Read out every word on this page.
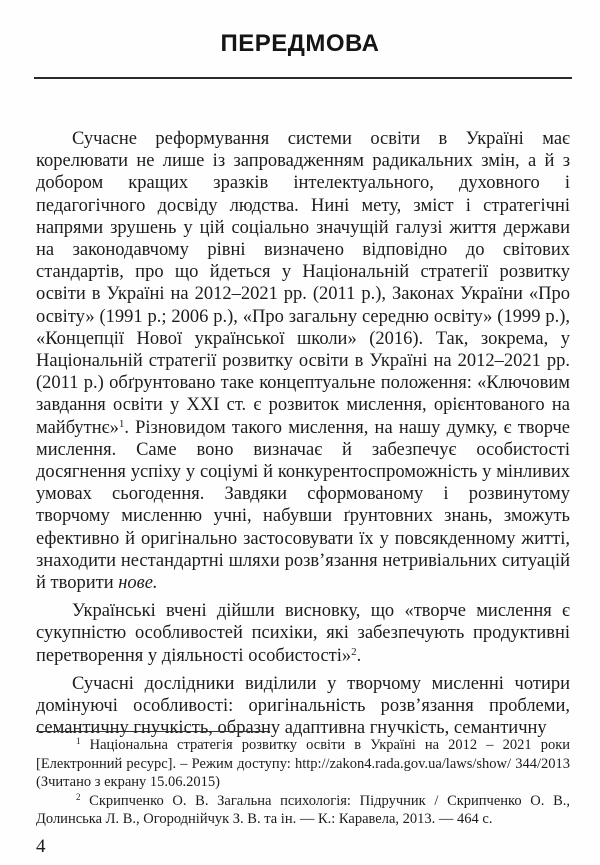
ПЕРЕДМОВА

Сучасне реформування системи освіти в Україні має корелювати не лише із запровадженням радикальних змін, а й з добором кращих зразків інтелектуального, духовного і педагогічного досвіду людства. Нині мету, зміст і стратегічні напрями зрушень у цій соціально значущій галузі життя держави на законодавчому рівні визначено відповідно до світових стандартів, про що йдеться у Національній стратегії розвитку освіти в Україні на 2012–2021 рр. (2011 р.), Законах України «Про освіту» (1991 р.; 2006 р.), «Про загальну середню освіту» (1999 р.), «Концепції Нової української школи» (2016). Так, зокрема, у Національній стратегії розвитку освіти в Україні на 2012–2021 рр. (2011 р.) обґрунтовано таке концептуальне положення: «Ключовим завдання освіти у ХХІ ст. є розвиток мислення, орієнтованого на майбутнє»$^1$. Різновидом такого мислення, на нашу думку, є творче мислення. Саме воно визначає й забезпечує особистості досягнення успіху у соціумі й конкурентоспроможність у мінливих умовах сьогодення. Завдяки сформованому і розвинутому творчому мисленню учні, набувши ґрунтовних знань, зможуть ефективно й оригінально застосовувати їх у повсякденному житті, знаходити нестандартні шляхи розв’язання нетривіальних ситуацій й творити нове.

Українські вчені дійшли висновку, що «творче мислення є сукупністю особливостей психіки, які забезпечують продуктивні перетворення у діяльності особистості»$^2$.

Сучасні дослідники виділили у творчому мисленні чотири домінуючі особливості: оригінальність розв’язання проблеми, семантичну гнучкість, образну адаптивна гнучкість, семантичну

$^1$ Національна стратегія розвитку освіти в Україні на 2012 – 2021 роки [Електронний ресурс]. – Режим доступу: http://zakon4.rada.gov.ua/laws/show/ 344/2013 (Зчитано з екрану 15.06.2015)

$^2$ Скрипченко О. В. Загальна психологія: Підручник / Скрипченко О. В., Долинська Л. В., Огороднійчук З. В. та ін. — К.: Каравела, 2013. — 464 с.

4
